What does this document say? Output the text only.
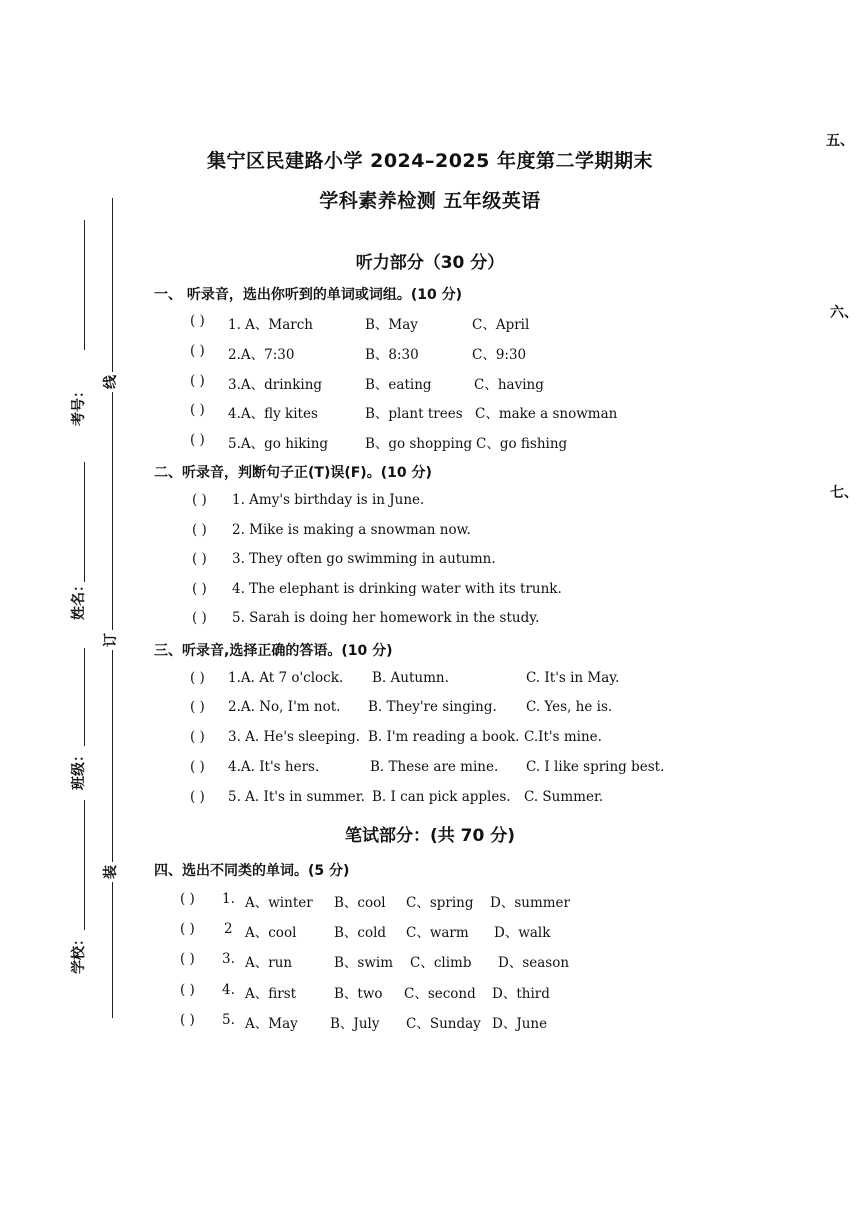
集宁区民建路小学 2024–2025 年度第二学期期末
学科素养检测 五年级英语
考号：
姓名：
班级：
学校：
线
订
装
五、
六、
七、
听力部分（30 分）
一、 听录音，选出你听到的单词或词组。(10 分)
( ) 1. A、March	B、May	C、April
( ) 2.A、7:30	B、8:30	C、9:30
( ) 3.A、drinking	B、eating	C、having
( ) 4.A、fly kites	B、plant trees C、make a snowman
( ) 5.A、go hiking	B、go shopping C、go fishing
二、听录音，判断句子正(T)误(F)。(10 分)
( ) 1. Amy's birthday is in June.
( ) 2. Mike is making a snowman now.
( ) 3. They often go swimming in autumn.
( ) 4. The elephant is drinking water with its trunk.
( ) 5. Sarah is doing her homework in the study.
三、听录音,选择正确的答语。(10 分)
( ) 1.A. At 7 o'clock. B. Autumn.	C. It's in May.
( ) 2.A. No, I'm not. B. They're singing. C. Yes, he is.
( ) 3. A. He's sleeping. B. I'm reading a book. C.It's mine.
( ) 4.A. It's hers.	B. These are mine. C. I like spring best.
( ) 5. A. It's in summer. B. I can pick apples. C. Summer.
笔试部分：(共 70 分)
四、选出不同类的单词。(5 分)
( ) 1. A、winter B、cool C、spring D、summer
( ) 2 A、cool	B、cold C、warm D、walk
( ) 3. A、run	B、swim C、climb D、season
( ) 4. A、first	B、two C、second D、third
( ) 5. A、May B、July C、Sunday D、June
